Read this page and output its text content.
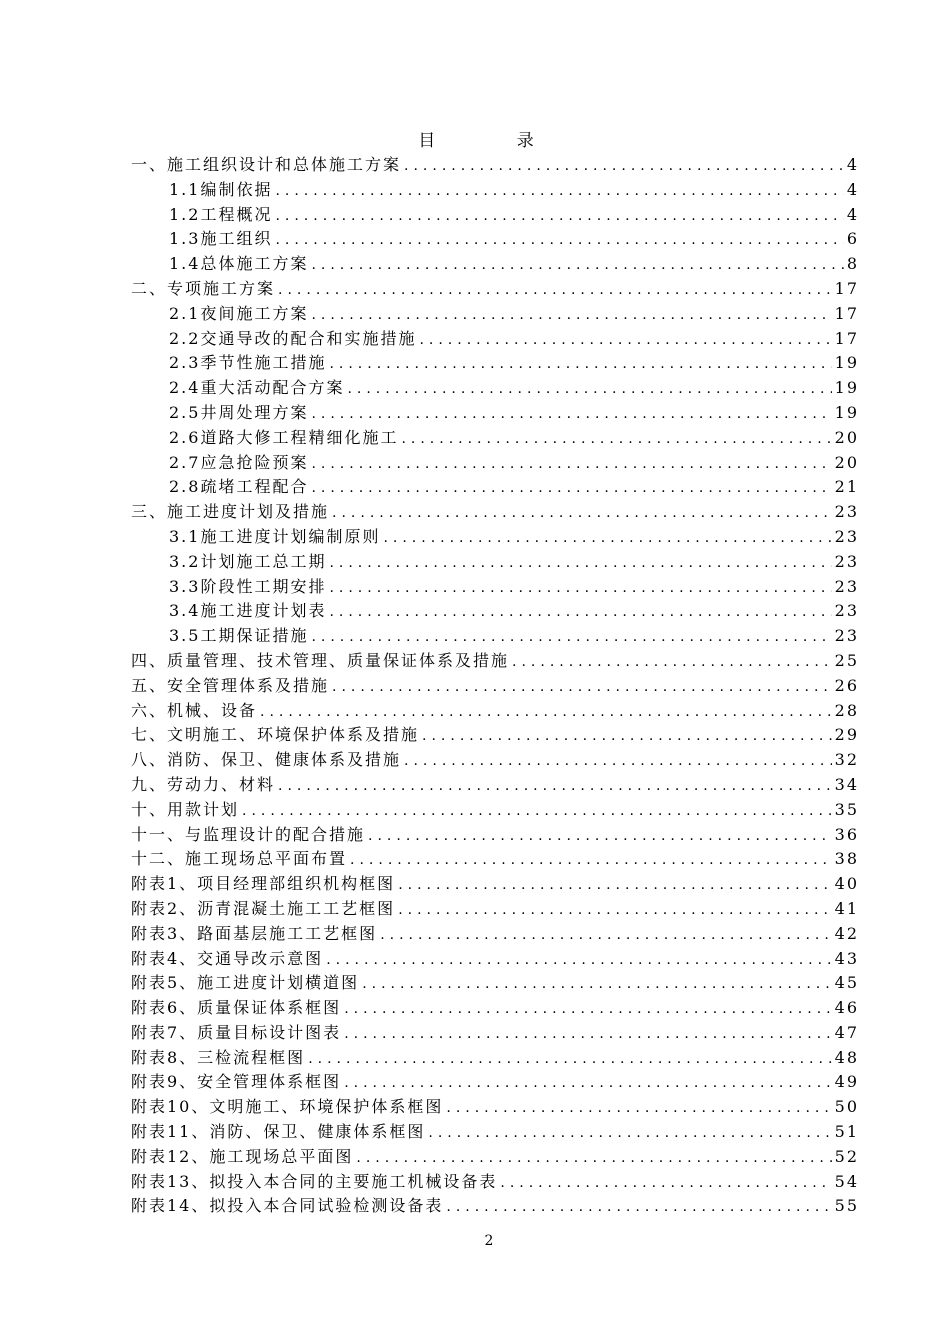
目 录
一、施工组织设计和总体施工方案 .....	4
1.1编制依据 .....	4
1.2工程概况 .....	4
1.3施工组织 .....	6
1.4总体施工方案 .....	8
二、专项施工方案 .....	17
2.1夜间施工方案 .....	17
2.2交通导改的配合和实施措施 .....	17
2.3季节性施工措施 .....	19
2.4重大活动配合方案 .....	19
2.5井周处理方案 .....	19
2.6道路大修工程精细化施工 .....	20
2.7应急抢险预案 .....	20
2.8疏堵工程配合 .....	21
三、施工进度计划及措施 .....	23
3.1施工进度计划编制原则 .....	23
3.2计划施工总工期 .....	23
3.3阶段性工期安排 .....	23
3.4施工进度计划表 .....	23
3.5工期保证措施 .....	23
四、质量管理、技术管理、质量保证体系及措施 .....	25
五、安全管理体系及措施 .....	26
六、机械、设备 .....	28
七、文明施工、环境保护体系及措施 .....	29
八、消防、保卫、健康体系及措施 .....	32
九、劳动力、材料 .....	34
十、用款计划 .....	35
十一、与监理设计的配合措施 .....	36
十二、施工现场总平面布置 .....	38
附表1、项目经理部组织机构框图 .....	40
附表2、沥青混凝土施工工艺框图 .....	41
附表3、路面基层施工工艺框图 .....	42
附表4、交通导改示意图 .....	43
附表5、施工进度计划横道图 .....	45
附表6、质量保证体系框图 .....	46
附表7、质量目标设计图表 .....	47
附表8、三检流程框图 .....	48
附表9、安全管理体系框图 .....	49
附表10、文明施工、环境保护体系框图 .....	50
附表11、消防、保卫、健康体系框图 .....	51
附表12、施工现场总平面图 .....	52
附表13、拟投入本合同的主要施工机械设备表 .....	54
附表14、拟投入本合同试验检测设备表 .....	55
2
